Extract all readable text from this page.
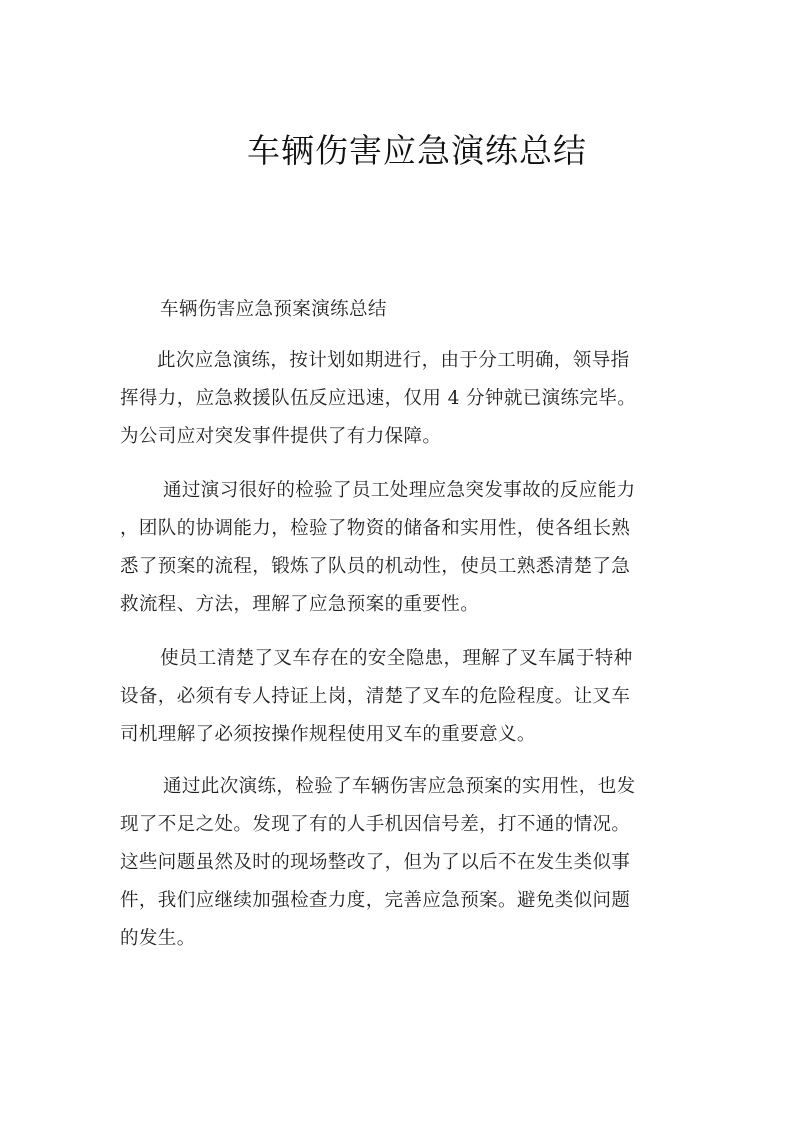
车辆伤害应急演练总结
车辆伤害应急预案演练总结
此次应急演练，按计划如期进行，由于分工明确，领导指
挥得力，应急救援队伍反应迅速，仅用 4 分钟就已演练完毕。
为公司应对突发事件提供了有力保障。
通过演习很好的检验了员工处理应急突发事故的反应能力
，团队的协调能力，检验了物资的储备和实用性，使各组长熟
悉了预案的流程，锻炼了队员的机动性，使员工熟悉清楚了急
救流程、方法，理解了应急预案的重要性。
使员工清楚了叉车存在的安全隐患，理解了叉车属于特种
设备，必须有专人持证上岗，清楚了叉车的危险程度。让叉车
司机理解了必须按操作规程使用叉车的重要意义。
通过此次演练，检验了车辆伤害应急预案的实用性，也发
现了不足之处。发现了有的人手机因信号差，打不通的情况。
这些问题虽然及时的现场整改了，但为了以后不在发生类似事
件，我们应继续加强检查力度，完善应急预案。避免类似问题
的发生。
